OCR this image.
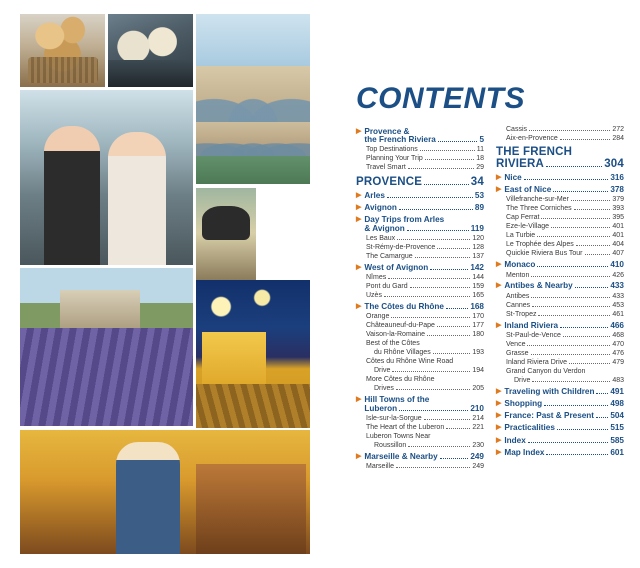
CONTENTS
▶ Provence &
the French Riviera	5
Top Destinations	11
Planning Your Trip	18
Travel Smart	29
PROVENCE	34
▶ Arles	53
▶ Avignon	89
▶ Day Trips from Arles
& Avignon	119
Les Baux	120
St-Rémy-de-Provence	128
The Camargue	137
▶ West of Avignon	142
Nîmes	144
Pont du Gard	159
Uzès	165
▶ The Côtes du Rhône	168
Orange	170
Châteauneuf-du-Pape	177
Vaison-la-Romaine	180
Best of the Côtes
du Rhône Villages	193
Côtes du Rhône Wine Road
Drive	194
More Côtes du Rhône
Drives	205
▶ Hill Towns of the
Luberon	210
Isle-sur-la-Sorgue	214
The Heart of the Luberon	221
Luberon Towns Near
Roussillon	230
▶ Marseille & Nearby	249
Marseille	249
Cassis	272
Aix-en-Provence	284
THE FRENCH
RIVIERA	304
▶ Nice	316
▶ East of Nice	378
Villefranche-sur-Mer	379
The Three Corniches	393
Cap Ferrat	395
Eze-le-Village	401
La Turbie	401
Le Trophée des Alpes	404
Quickie Riviera Bus Tour	407
▶ Monaco	410
Menton	426
▶ Antibes & Nearby	433
Antibes	433
Cannes	453
St-Tropez	461
▶ Inland Riviera	466
St-Paul-de-Vence	468
Vence	470
Grasse	476
Inland Riviera Drive	479
Grand Canyon du Verdon
Drive	483
▶ Traveling with Children 491
▶ Shopping	498
▶ France: Past & Present 504
▶ Practicalities	515
▶ Index	585
▶ Map Index	601
